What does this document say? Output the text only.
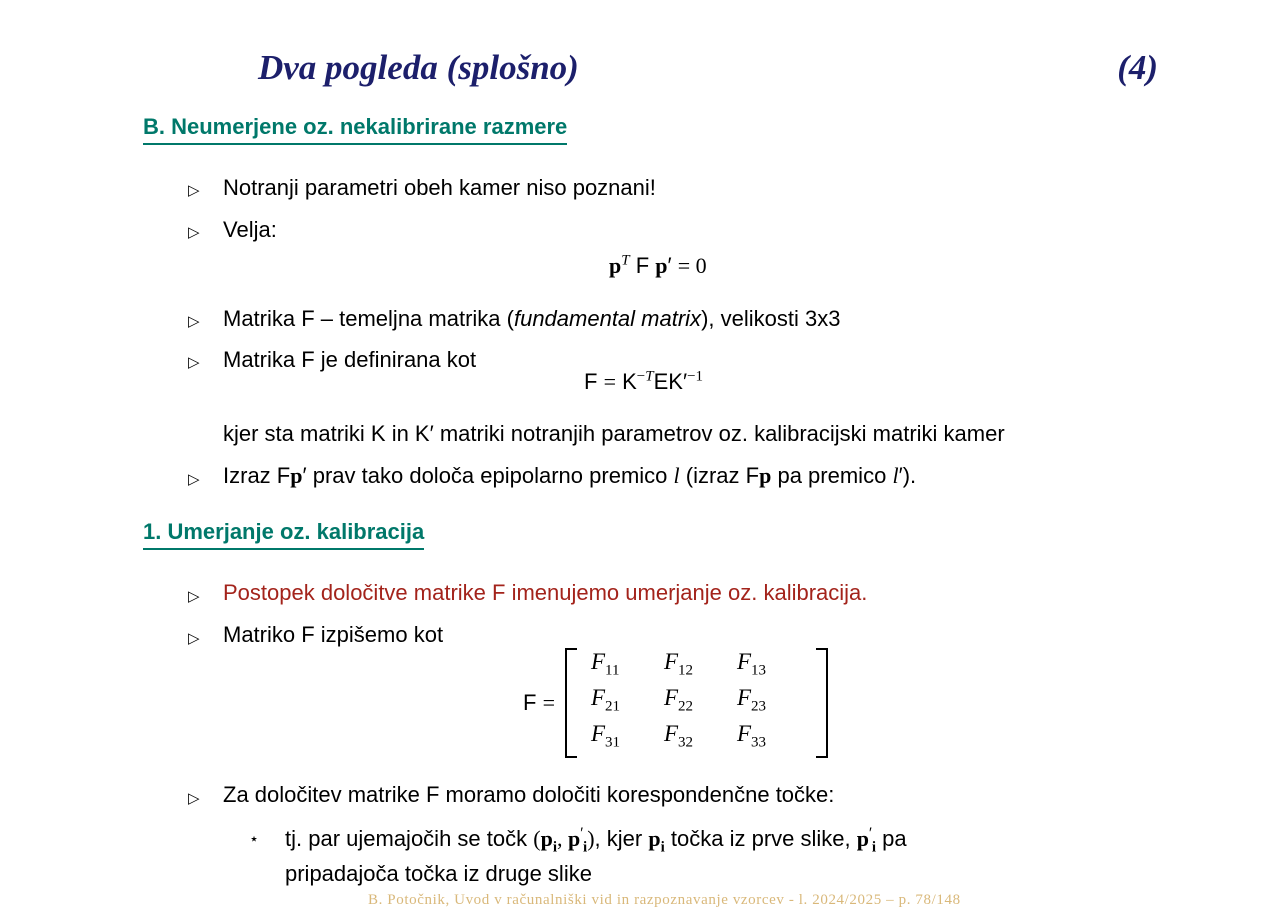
Dva pogleda (splošno)	(4)
B. Neumerjene oz. nekalibrirane razmere
▷ Notranji parametri obeh kamer niso poznani!
▷ Velja:
$p^T$ F p′ = 0
▷ Matrika F – temeljna matrika (fundamental matrix), velikosti 3x3
▷ Matrika F je definirana kot
$F = K^{-T}EK'^{-1}$
kjer sta matriki K in K′ matriki notranjih parametrov oz. kalibracijski matriki kamer
▷ Izraz Fp′ prav tako določa epipolarno premico l (izraz Fp pa premico l′).
1. Umerjanje oz. kalibracija
▷ Postopek določitve matrike F imenujemo umerjanje oz. kalibracija.
▷ Matriko F izpišemo kot
F =
$F_{11}$	$F_{12}$	$F_{13}$
$F_{21}$	$F_{22}$	$F_{23}$
$F_{31}$	$F_{32}$	$F_{33}$
▷ Za določitev matrike F moramo določiti korespondenčne točke:
⋆ tj. par ujemajočih se točk ($p_i$, $p'_i$), kjer $p_i$ točka iz prve slike, $p'_i$ pa
pripadajoča točka iz druge slike
B. Potočnik, Uvod v računalniški vid in razpoznavanje vzorcev - l. 2024/2025 – p. 78/148
